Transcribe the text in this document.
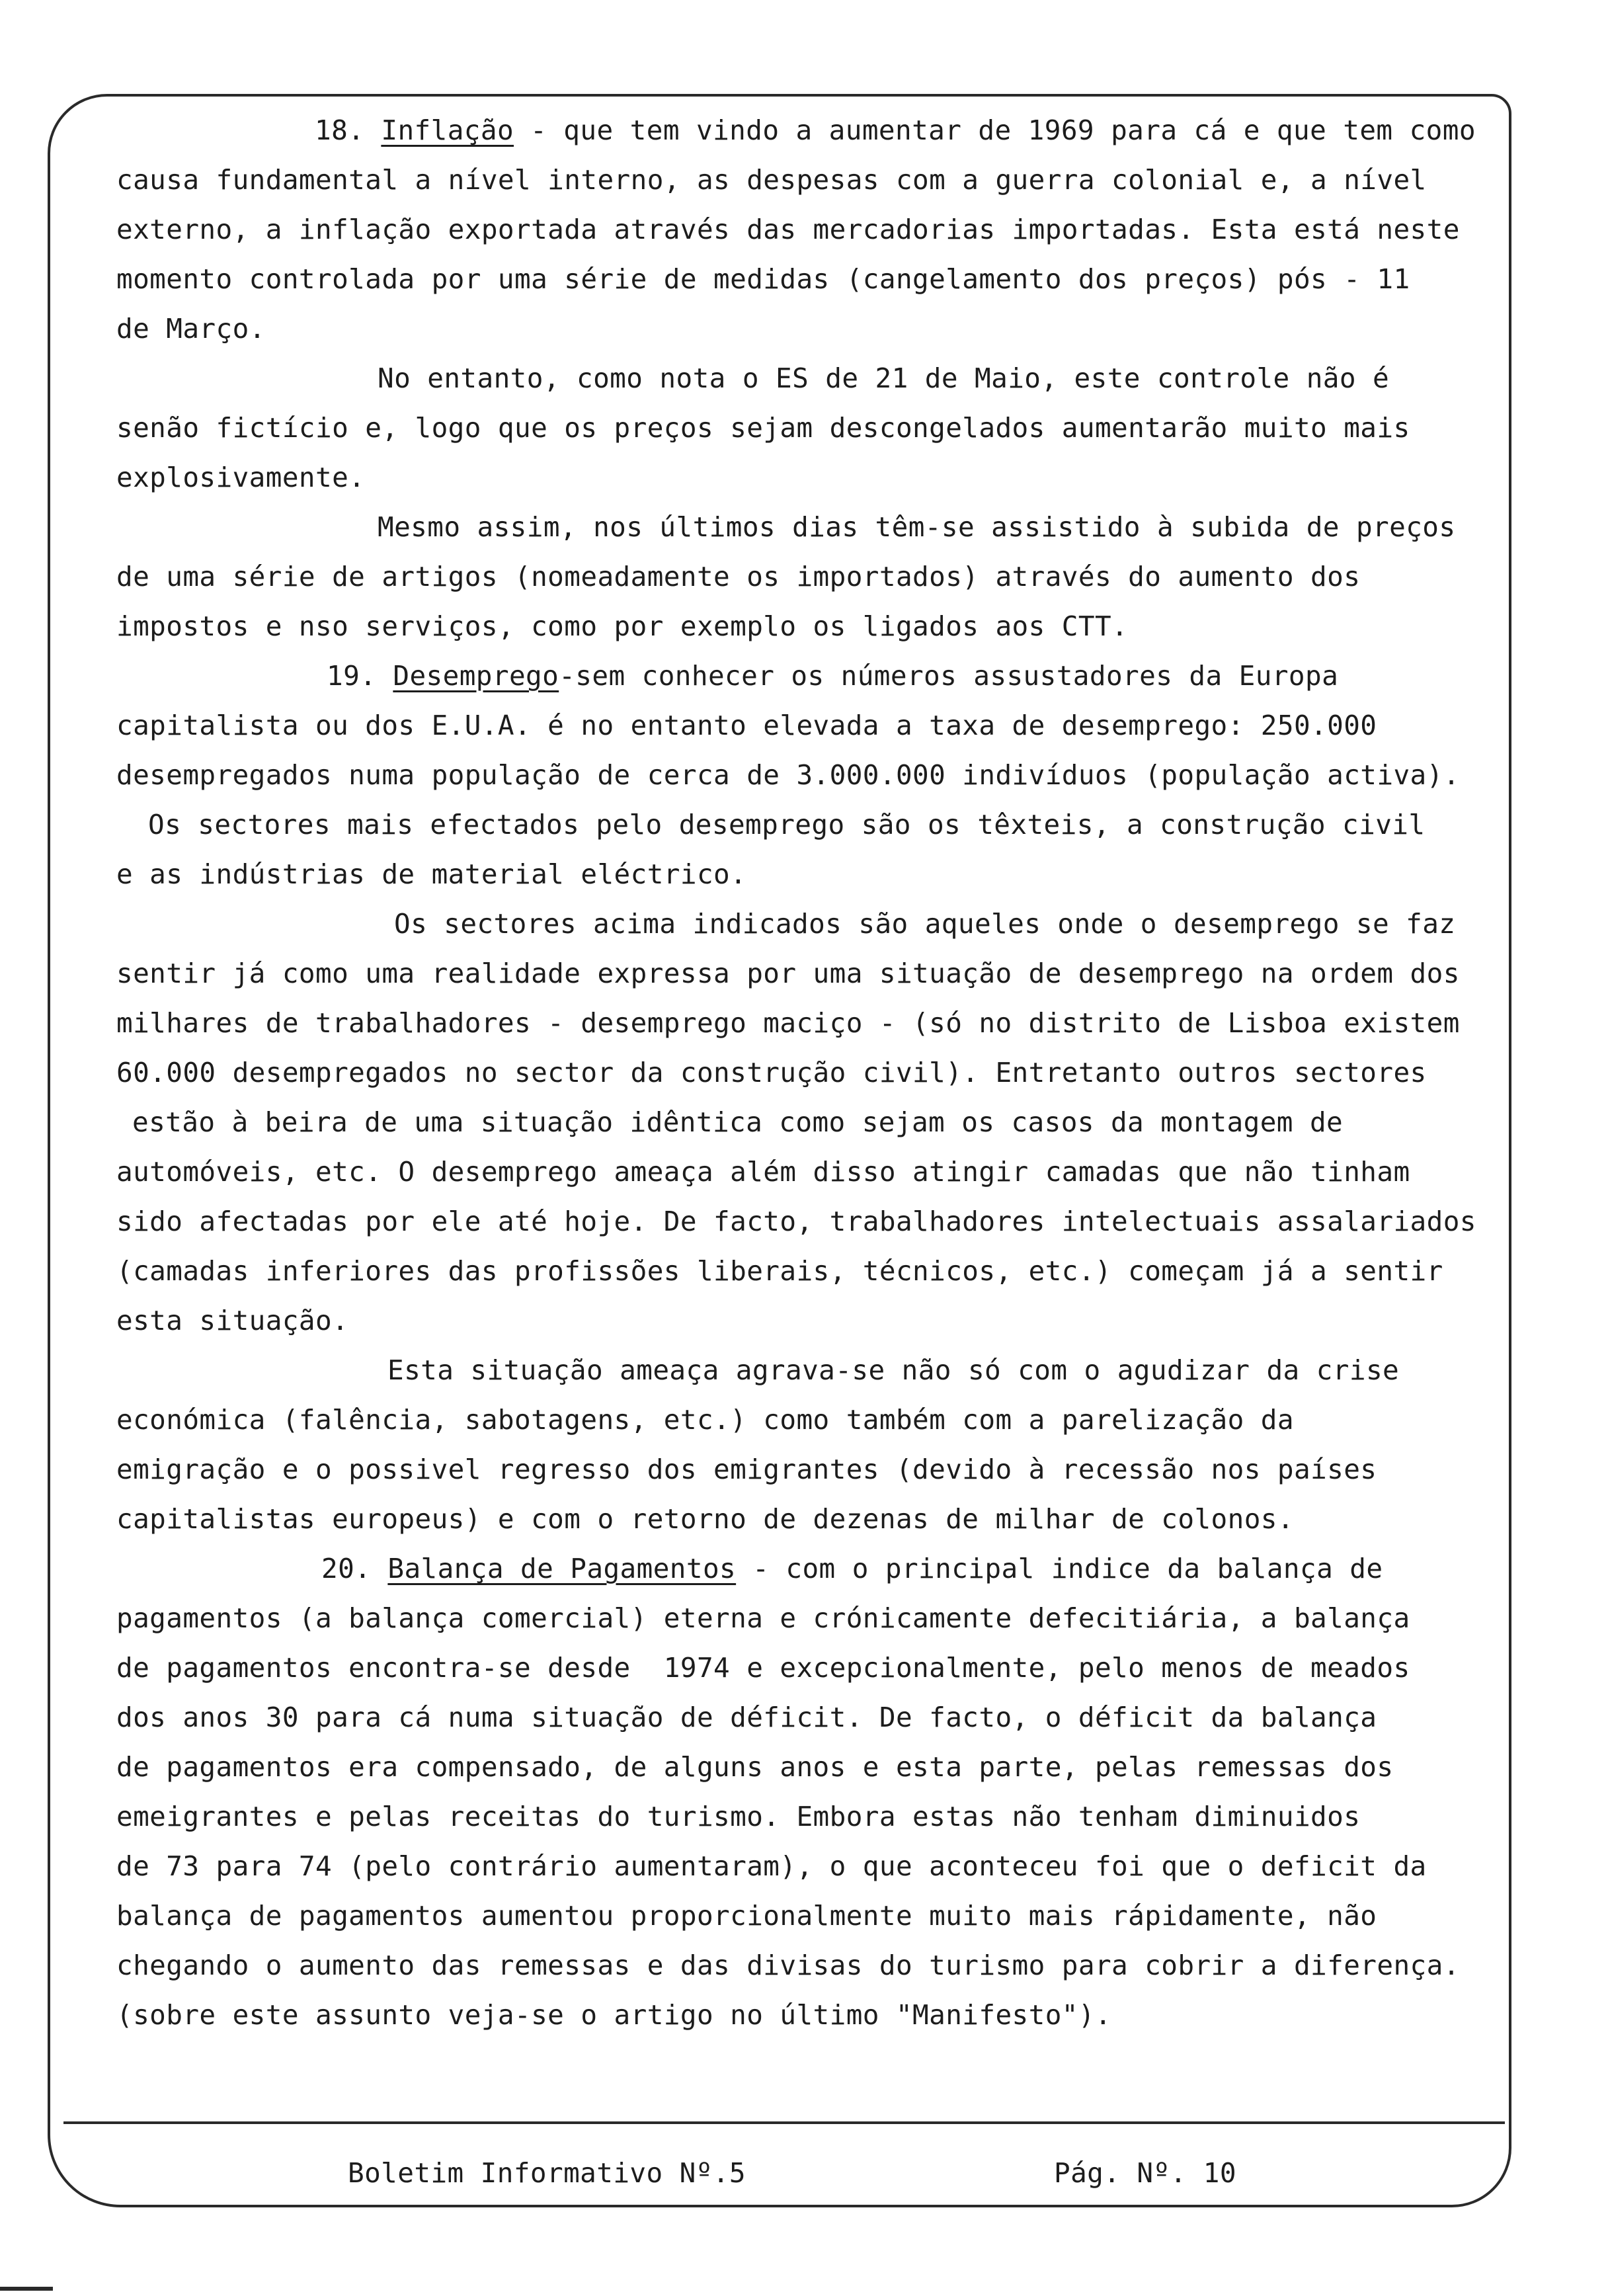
18. Inflação - que tem vindo a aumentar de 1969 para cá e que tem como
causa fundamental a nível interno, as despesas com a guerra colonial e, a nível
externo, a inflação exportada através das mercadorias importadas. Esta está neste
momento controlada por uma série de medidas (cangelamento dos preços) pós - 11
de Março.

No entanto, como nota o ES de 21 de Maio, este controle não é
senão fictício e, logo que os preços sejam descongelados aumentarão muito mais
explosivamente.

Mesmo assim, nos últimos dias têm-se assistido à subida de preços
de uma série de artigos (nomeadamente os importados) através do aumento dos
impostos e nso serviços, como por exemplo os ligados aos CTT.

19. Desemprego-sem conhecer os números assustadores da Europa
capitalista ou dos E.U.A. é no entanto elevada a taxa de desemprego: 250.000
desempregados numa população de cerca de 3.000.000 indivíduos (população activa).
Os sectores mais efectados pelo desemprego são os têxteis, a construção civil
e as indústrias de material eléctrico.

Os sectores acima indicados são aqueles onde o desemprego se faz
sentir já como uma realidade expressa por uma situação de desemprego na ordem dos
milhares de trabalhadores - desemprego maciço - (só no distrito de Lisboa existem
60.000 desempregados no sector da construção civil). Entretanto outros sectores
estão à beira de uma situação idêntica como sejam os casos da montagem de
automóveis, etc. O desemprego ameaça além disso atingir camadas que não tinham
sido afectadas por ele até hoje. De facto, trabalhadores intelectuais assalariados
(camadas inferiores das profissões liberais, técnicos, etc.) começam já a sentir
esta situação.

Esta situação ameaça agrava-se não só com o agudizar da crise
económica (falência, sabotagens, etc.) como também com a parelização da
emigração e o possivel regresso dos emigrantes (devido à recessão nos países
capitalistas europeus) e com o retorno de dezenas de milhar de colonos.

20. Balança de Pagamentos - com o principal indice da balança de
pagamentos (a balança comercial) eterna e crónicamente defecitiária, a balança
de pagamentos encontra-se desde  1974 e excepcionalmente, pelo menos de meados
dos anos 30 para cá numa situação de déficit. De facto, o déficit da balança
de pagamentos era compensado, de alguns anos e esta parte, pelas remessas dos
emeigrantes e pelas receitas do turismo. Embora estas não tenham diminuidos
de 73 para 74 (pelo contrário aumentaram), o que aconteceu foi que o deficit da
balança de pagamentos aumentou proporcionalmente muito mais rápidamente, não
chegando o aumento das remessas e das divisas do turismo para cobrir a diferença.
(sobre este assunto veja-se o artigo no último "Manifesto").

Boletim Informativo Nº.5	Pág. Nº. 10
